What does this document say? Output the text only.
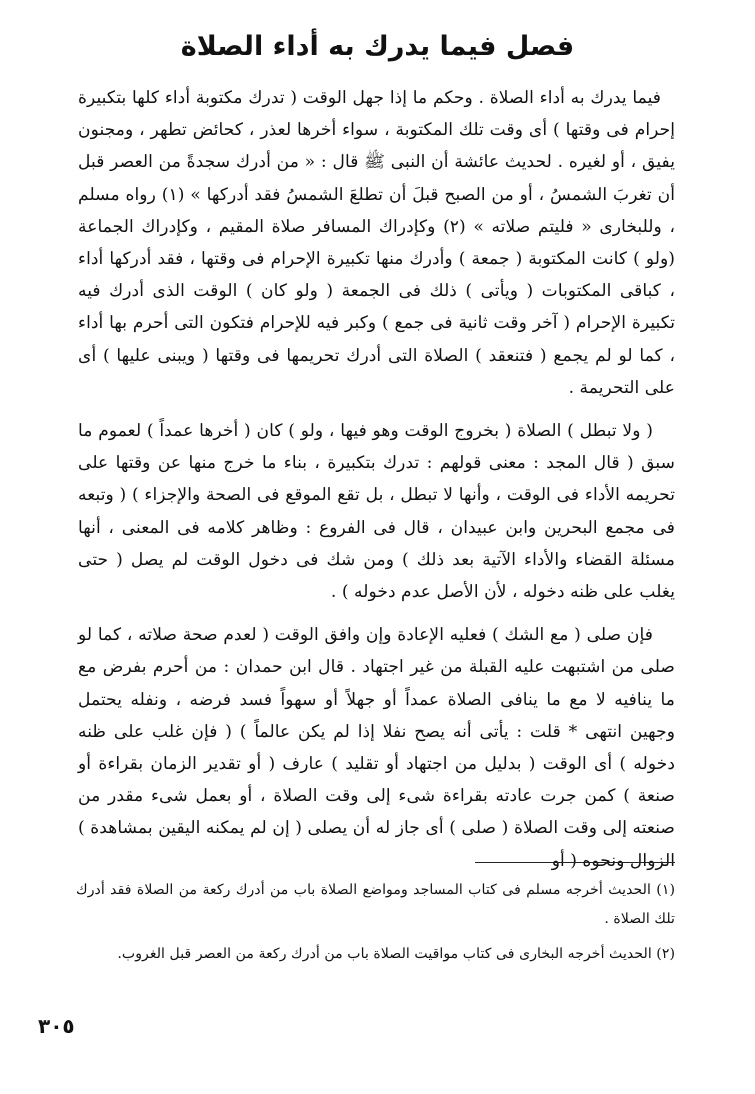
فصل فيما يدرك به أداء الصلاة

فيما يدرك به أداء الصلاة . وحكم ما إذا جهل الوقت ( تدرك مكتوبة أداء كلها بتكبيرة إحرام فى وقتها ) أى وقت تلك المكتوبة ، سواء أخرها لعذر ، كحائض تطهر ، ومجنون يفيق ، أو لغيره . لحديث عائشة أن النبى ﷺ قال : « من أدرك سجدةً من العصر قبل أن تغربَ الشمسُ ، أو من الصبح قبلَ أن تطلعَ الشمسُ فقد أدركها » (١) رواه مسلم ، وللبخارى « فليتم صلاته » (٢) وكإدراك المسافر صلاة المقيم ، وكإدراك الجماعة (ولو ) كانت المكتوبة ( جمعة ) وأدرك منها تكبيرة الإحرام فى وقتها ، فقد أدركها أداء ، كباقى المكتوبات ( ويأتى ) ذلك فى الجمعة ( ولو كان ) الوقت الذى أدرك فيه تكبيرة الإحرام ( آخر وقت ثانية فى جمع ) وكبر فيه للإحرام فتكون التى أحرم بها أداء ، كما لو لم يجمع ( فتنعقد ) الصلاة التى أدرك تحريمها فى وقتها ( ويبنى عليها ) أى على التحريمة .

( ولا تبطل ) الصلاة ( بخروج الوقت وهو فيها ، ولو ) كان ( أخرها عمداً ) لعموم ما سبق ( قال المجد : معنى قولهم : تدرك بتكبيرة ، بناء ما خرج منها عن وقتها على تحريمه الأداء فى الوقت ، وأنها لا تبطل ، بل تقع الموقع فى الصحة والإجزاء ) ( وتبعه فى مجمع البحرين وابن عبيدان ، قال فى الفروع : وظاهر كلامه فى المعنى ، أنها مسئلة القضاء والأداء الآتية بعد ذلك ) ومن شك فى دخول الوقت لم يصل ( حتى يغلب على ظنه دخوله ، لأن الأصل عدم دخوله ) .

فإن صلى ( مع الشك ) فعليه الإعادة وإن وافق الوقت ( لعدم صحة صلاته ، كما لو صلى من اشتبهت عليه القبلة من غير اجتهاد . قال ابن حمدان : من أحرم بفرض مع ما ينافيه لا مع ما ينافى الصلاة عمداً أو جهلاً أو سهواً فسد فرضه ، ونفله يحتمل وجهين انتهى * قلت : يأتى أنه يصح نفلا إذا لم يكن عالماً ) ( فإن غلب على ظنه دخوله ) أى الوقت ( بدليل من اجتهاد أو تقليد ) عارف ( أو تقدير الزمان بقراءة أو صنعة ) كمن جرت عادته بقراءة شىء إلى وقت الصلاة ، أو بعمل شىء مقدر من صنعته إلى وقت الصلاة ( صلى ) أى جاز له أن يصلى ( إن لم يمكنه اليقين بمشاهدة ) الزوال ونحوه ( أو

(١) الحديث أخرجه مسلم فى كتاب المساجد ومواضع الصلاة باب من أدرك ركعة من الصلاة فقد أدرك تلك الصلاة .

(٢) الحديث أخرجه البخارى فى كتاب مواقيت الصلاة باب من أدرك ركعة من العصر قبل الغروب.

٣٠٥
